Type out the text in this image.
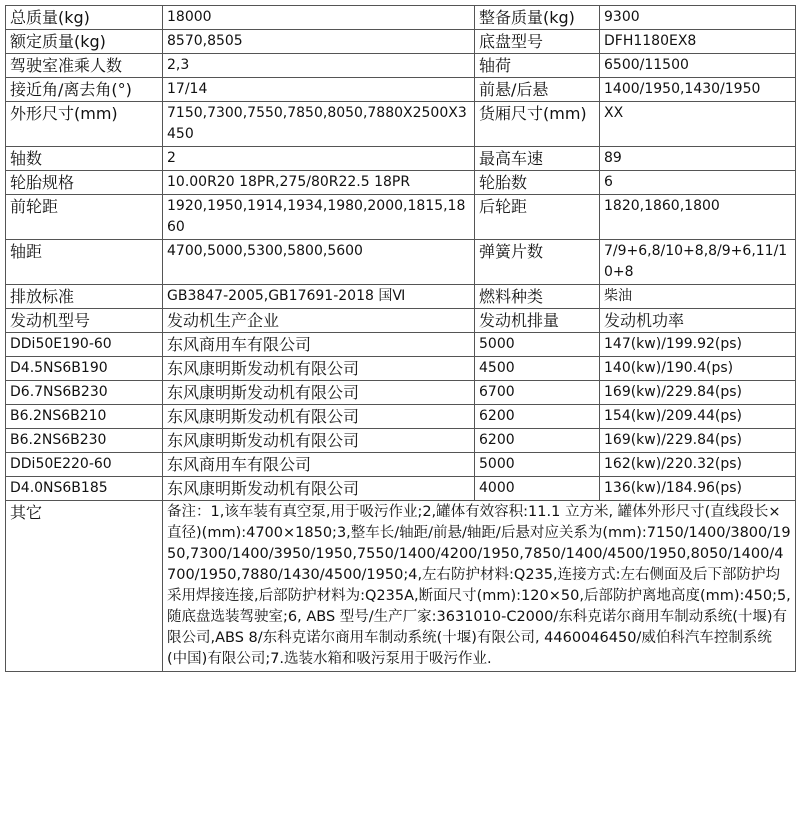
总质量(kg)	18000	整备质量(kg)	9300
额定质量(kg)	8570,8505	底盘型号	DFH1180EX8
驾驶室准乘人数	2,3	轴荷	6500/11500
接近角/离去角(°)	17/14	前悬/后悬	1400/1950,1430/1950
外形尺寸(mm)	7150,7300,7550,7850,8050,7880X2500X3450	货厢尺寸(mm)	XX
轴数	2	最高车速	89
轮胎规格	10.00R20 18PR,275/80R22.5 18PR	轮胎数	6
前轮距	1920,1950,1914,1934,1980,2000,1815,1860	后轮距	1820,1860,1800
轴距	4700,5000,5300,5800,5600	弹簧片数	7/9+6,8/10+8,8/9+6,11/10+8
排放标准	GB3847-2005,GB17691-2018 国Ⅵ	燃料种类	柴油
发动机型号	发动机生产企业	发动机排量	发动机功率
DDi50E190-60	东风商用车有限公司	5000	147(kw)/199.92(ps)
D4.5NS6B190	东风康明斯发动机有限公司	4500	140(kw)/190.4(ps)
D6.7NS6B230	东风康明斯发动机有限公司	6700	169(kw)/229.84(ps)
B6.2NS6B210	东风康明斯发动机有限公司	6200	154(kw)/209.44(ps)
B6.2NS6B230	东风康明斯发动机有限公司	6200	169(kw)/229.84(ps)
DDi50E220-60	东风商用车有限公司	5000	162(kw)/220.32(ps)
D4.0NS6B185	东风康明斯发动机有限公司	4000	136(kw)/184.96(ps)
其它	备注：1,该车装有真空泵,用于吸污作业;2,罐体有效容积:11.1 立方米, 罐体外形尺寸(直线段长×直径)(mm):4700×1850;3,整车长/轴距/前悬/轴距/后悬对应关系为(mm):7150/1400/3800/1950,7300/1400/3950/1950,7550/1400/4200/1950,7850/1400/4500/1950,8050/1400/4700/1950,7880/1430/4500/1950;4,左右防护材料:Q235,连接方式:左右侧面及后下部防护均采用焊接连接,后部防护材料为:Q235A,断面尺寸(mm):120×50,后部防护离地高度(mm):450;5,随底盘选装驾驶室;6, ABS 型号/生产厂家:3631010-C2000/东科克诺尔商用车制动系统(十堰)有限公司,ABS 8/东科克诺尔商用车制动系统(十堰)有限公司, 4460046450/威伯科汽车控制系统(中国)有限公司;7.选装水箱和吸污泵用于吸污作业.		
